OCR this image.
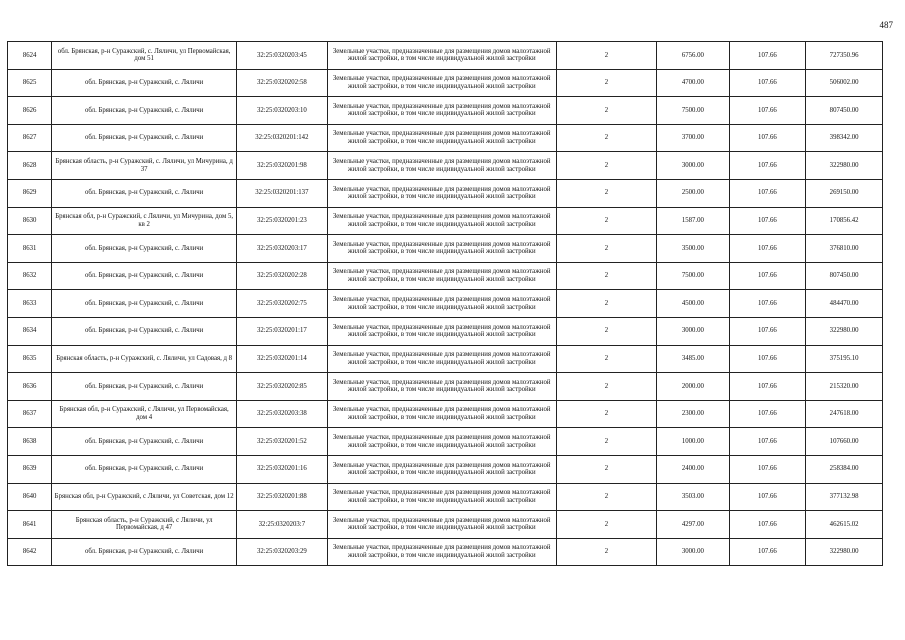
487
8624	обл. Брянская, р-н Суражский, с. Ляличи, ул Первомайская, дом 51	32:25:0320203:45	Земельные участки, предназначенные для размещения домов малоэтажной жилой застройки, в том числе индивидуальной жилой застройки	2	6756.00	107.66	727350.96
8625	обл. Брянская, р-н Суражский, с. Ляличи	32:25:0320202:58	Земельные участки, предназначенные для размещения домов малоэтажной жилой застройки, в том числе индивидуальной жилой застройки	2	4700.00	107.66	506002.00
8626	обл. Брянская, р-н Суражский, с. Ляличи	32:25:0320203:10	Земельные участки, предназначенные для размещения домов малоэтажной жилой застройки, в том числе индивидуальной жилой застройки	2	7500.00	107.66	807450.00
8627	обл. Брянская, р-н Суражский, с. Ляличи	32:25:0320201:142	Земельные участки, предназначенные для размещения домов малоэтажной жилой застройки, в том числе индивидуальной жилой застройки	2	3700.00	107.66	398342.00
8628	Брянская область, р-н Суражский, с. Ляличи, ул Мичурина, д 37	32:25:0320201:98	Земельные участки, предназначенные для размещения домов малоэтажной жилой застройки, в том числе индивидуальной жилой застройки	2	3000.00	107.66	322980.00
8629	обл. Брянская, р-н Суражский, с. Ляличи	32:25:0320201:137	Земельные участки, предназначенные для размещения домов малоэтажной жилой застройки, в том числе индивидуальной жилой застройки	2	2500.00	107.66	269150.00
8630	Брянская обл, р-н Суражский, с Ляличи, ул Мичурина, дом 5, кв 2	32:25:0320201:23	Земельные участки, предназначенные для размещения домов малоэтажной жилой застройки, в том числе индивидуальной жилой застройки	2	1587.00	107.66	170856.42
8631	обл. Брянская, р-н Суражский, с. Ляличи	32:25:0320203:17	Земельные участки, предназначенные для размещения домов малоэтажной жилой застройки, в том числе индивидуальной жилой застройки	2	3500.00	107.66	376810.00
8632	обл. Брянская, р-н Суражский, с. Ляличи	32:25:0320202:28	Земельные участки, предназначенные для размещения домов малоэтажной жилой застройки, в том числе индивидуальной жилой застройки	2	7500.00	107.66	807450.00
8633	обл. Брянская, р-н Суражский, с. Ляличи	32:25:0320202:75	Земельные участки, предназначенные для размещения домов малоэтажной жилой застройки, в том числе индивидуальной жилой застройки	2	4500.00	107.66	484470.00
8634	обл. Брянская, р-н Суражский, с. Ляличи	32:25:0320201:17	Земельные участки, предназначенные для размещения домов малоэтажной жилой застройки, в том числе индивидуальной жилой застройки	2	3000.00	107.66	322980.00
8635	Брянская область, р-н Суражский, с. Ляличи, ул Садовая, д 8	32:25:0320201:14	Земельные участки, предназначенные для размещения домов малоэтажной жилой застройки, в том числе индивидуальной жилой застройки	2	3485.00	107.66	375195.10
8636	обл. Брянская, р-н Суражский, с. Ляличи	32:25:0320202:85	Земельные участки, предназначенные для размещения домов малоэтажной жилой застройки, в том числе индивидуальной жилой застройки	2	2000.00	107.66	215320.00
8637	Брянская обл, р-н Суражский, с Ляличи, ул Первомайская, дом 4	32:25:0320203:38	Земельные участки, предназначенные для размещения домов малоэтажной жилой застройки, в том числе индивидуальной жилой застройки	2	2300.00	107.66	247618.00
8638	обл. Брянская, р-н Суражский, с. Ляличи	32:25:0320201:52	Земельные участки, предназначенные для размещения домов малоэтажной жилой застройки, в том числе индивидуальной жилой застройки	2	1000.00	107.66	107660.00
8639	обл. Брянская, р-н Суражский, с. Ляличи	32:25:0320201:16	Земельные участки, предназначенные для размещения домов малоэтажной жилой застройки, в том числе индивидуальной жилой застройки	2	2400.00	107.66	258384.00
8640	Брянская обл, р-н Суражский, с Ляличи, ул Советская, дом 12	32:25:0320201:88	Земельные участки, предназначенные для размещения домов малоэтажной жилой застройки, в том числе индивидуальной жилой застройки	2	3503.00	107.66	377132.98
8641	Брянская область, р-н Суражский, с Ляличи, ул Первомайская, д 47	32:25:0320203:7	Земельные участки, предназначенные для размещения домов малоэтажной жилой застройки, в том числе индивидуальной жилой застройки	2	4297.00	107.66	462615.02
8642	обл. Брянская, р-н Суражский, с. Ляличи	32:25:0320203:29	Земельные участки, предназначенные для размещения домов малоэтажной жилой застройки, в том числе индивидуальной жилой застройки	2	3000.00	107.66	322980.00
